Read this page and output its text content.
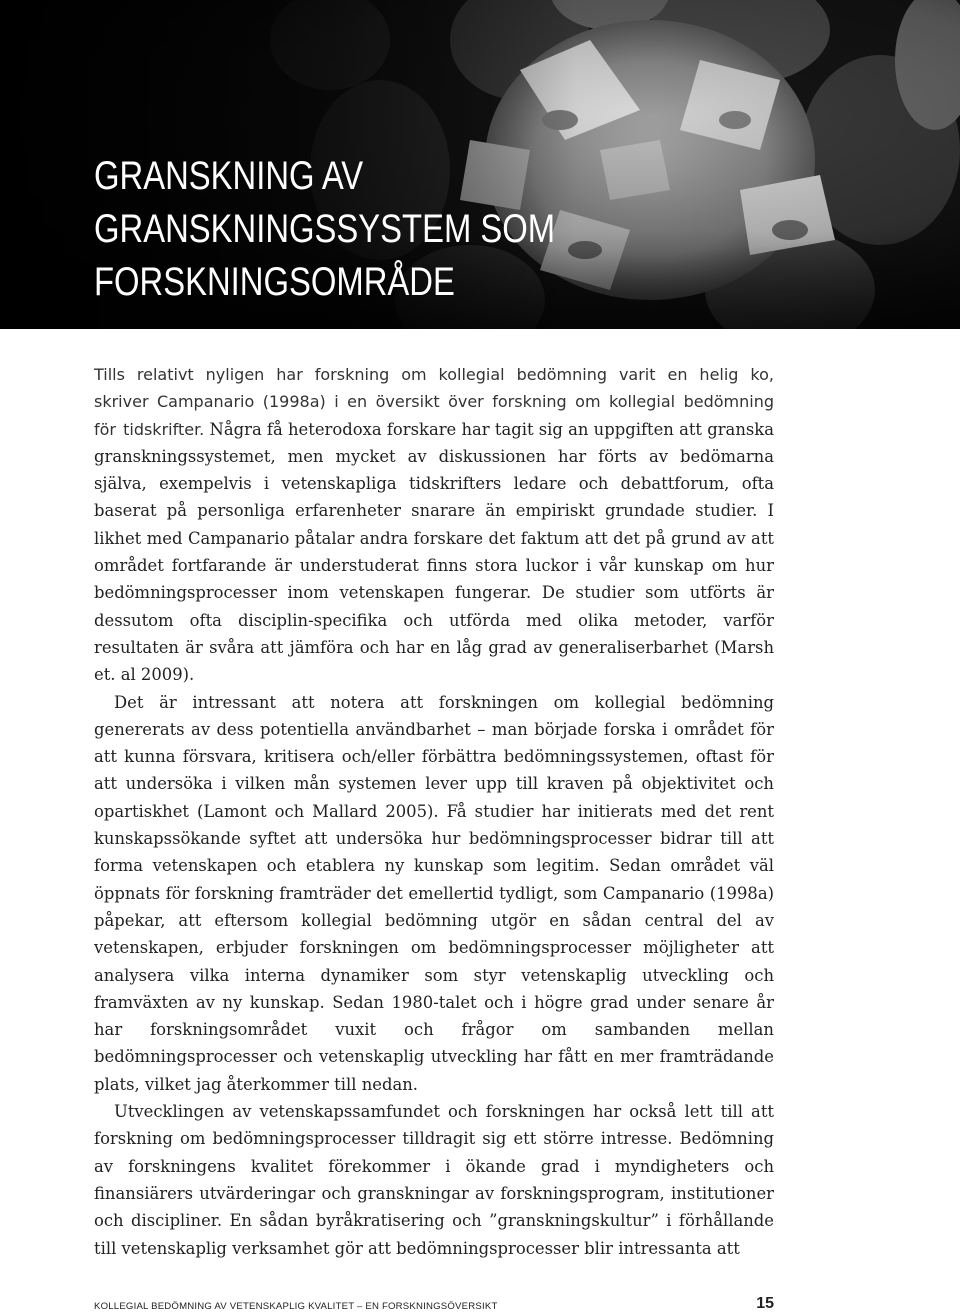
GRANSKNING AV
GRANSKNINGSSYSTEM SOM
FORSKNINGSOMRÅDE

Tills relativt nyligen har forskning om kollegial bedömning varit en helig ko, skriver Campanario (1998a) i en översikt över forskning om kollegial bedömning för tidskrifter. Några få heterodoxa forskare har tagit sig an uppgiften att granska granskningssystemet, men mycket av diskussionen har förts av bedömarna själva, exempelvis i vetenskapliga tidskrifters ledare och debattforum, ofta baserat på personliga erfarenheter snarare än empiriskt grundade studier. I likhet med Campanario påtalar andra forskare det faktum att det på grund av att området fortfarande är understuderat finns stora luckor i vår kunskap om hur bedömningsprocesser inom vetenskapen fungerar. De studier som utförts är dessutom ofta disciplin-specifika och utförda med olika metoder, varför resultaten är svåra att jämföra och har en låg grad av generaliserbarhet (Marsh et. al 2009).

Det är intressant att notera att forskningen om kollegial bedömning genererats av dess potentiella användbarhet – man började forska i området för att kunna försvara, kritisera och/eller förbättra bedömningssystemen, oftast för att undersöka i vilken mån systemen lever upp till kraven på objektivitet och opartiskhet (Lamont och Mallard 2005). Få studier har initierats med det rent kunskapssökande syftet att undersöka hur bedömningsprocesser bidrar till att forma vetenskapen och etablera ny kunskap som legitim. Sedan området väl öppnats för forskning framträder det emellertid tydligt, som Campanario (1998a) påpekar, att eftersom kollegial bedömning utgör en sådan central del av vetenskapen, erbjuder forskningen om bedömningsprocesser möjligheter att analysera vilka interna dynamiker som styr vetenskaplig utveckling och framväxten av ny kunskap. Sedan 1980-talet och i högre grad under senare år har forskningsområdet vuxit och frågor om sambanden mellan bedömningsprocesser och vetenskaplig utveckling har fått en mer framträdande plats, vilket jag återkommer till nedan.

Utvecklingen av vetenskapssamfundet och forskningen har också lett till att forskning om bedömningsprocesser tilldragit sig ett större intresse. Bedömning av forskningens kvalitet förekommer i ökande grad i myndigheters och finansiärers utvärderingar och granskningar av forskningsprogram, institutioner och discipliner. En sådan byråkratisering och ”granskningskultur” i förhållande till vetenskaplig verksamhet gör att bedömningsprocesser blir intressanta att

KOLLEGIAL BEDÖMNING AV VETENSKAPLIG KVALITET – EN FORSKNINGSÖVERSIKT	15
